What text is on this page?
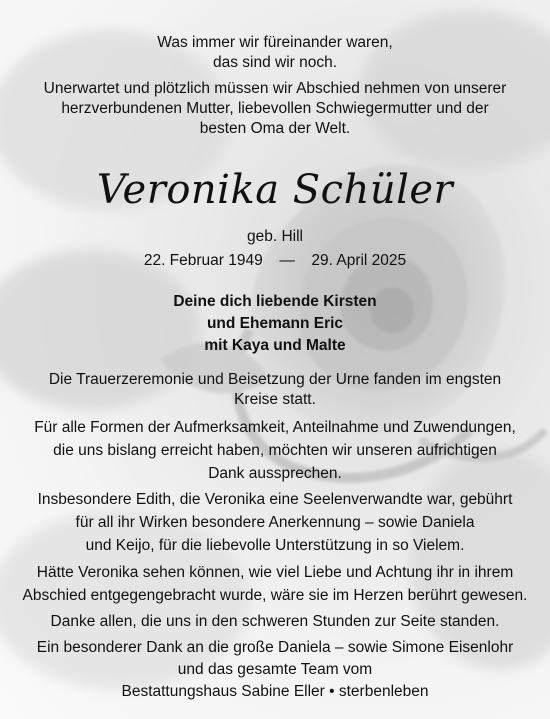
Was immer wir füreinander waren,
das sind wir noch.
Unerwartet und plötzlich müssen wir Abschied nehmen von unserer
herzverbundenen Mutter, liebevollen Schwiegermutter und der
besten Oma der Welt.
Veronika Schüler
geb. Hill
22. Februar 1949 — 29. April 2025
Deine dich liebende Kirsten
und Ehemann Eric
mit Kaya und Malte
Die Trauerzeremonie und Beisetzung der Urne fanden im engsten
Kreise statt.
Für alle Formen der Aufmerksamkeit, Anteilnahme und Zuwendungen,
die uns bislang erreicht haben, möchten wir unseren aufrichtigen
Dank aussprechen.
Insbesondere Edith, die Veronika eine Seelenverwandte war, gebührt
für all ihr Wirken besondere Anerkennung – sowie Daniela
und Keijo, für die liebevolle Unterstützung in so Vielem.
Hätte Veronika sehen können, wie viel Liebe und Achtung ihr in ihrem
Abschied entgegengebracht wurde, wäre sie im Herzen berührt gewesen.
Danke allen, die uns in den schweren Stunden zur Seite standen.
Ein besonderer Dank an die große Daniela – sowie Simone Eisenlohr
und das gesamte Team vom
Bestattungshaus Sabine Eller • sterbenleben
